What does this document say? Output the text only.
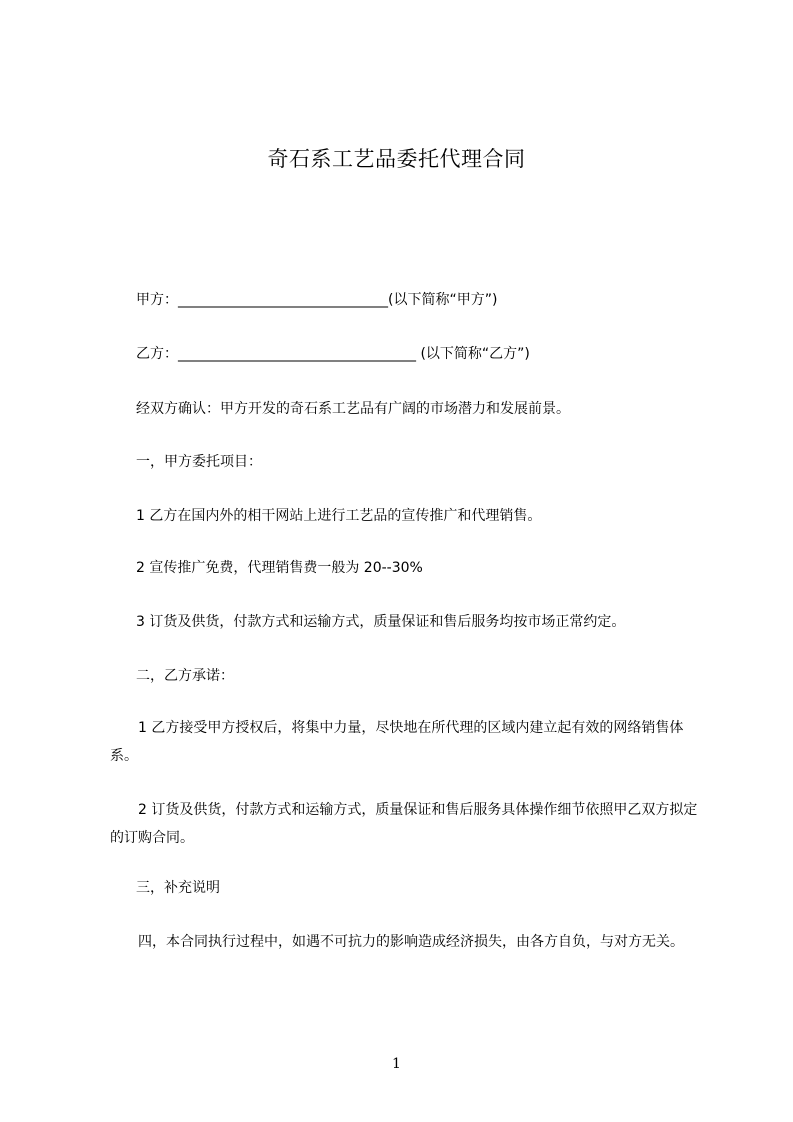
奇石系工艺品委托代理合同
甲方：______________________________(以下简称“甲方”)
乙方：__________________________________ (以下简称“乙方”)
经双方确认：甲方开发的奇石系工艺品有广阔的市场潜力和发展前景。
一，甲方委托项目：
1 乙方在国内外的相干网站上进行工艺品的宣传推广和代理销售。
2 宣传推广免费，代理销售费一般为 20--30%
3 订货及供货，付款方式和运输方式，质量保证和售后服务均按市场正常约定。
二，乙方承诺：
1 乙方接受甲方授权后，将集中力量，尽快地在所代理的区域内建立起有效的网络销售体系。
2 订货及供货，付款方式和运输方式，质量保证和售后服务具体操作细节依照甲乙双方拟定的订购合同。
三，补充说明
四，本合同执行过程中，如遇不可抗力的影响造成经济损失，由各方自负，与对方无关。
1
